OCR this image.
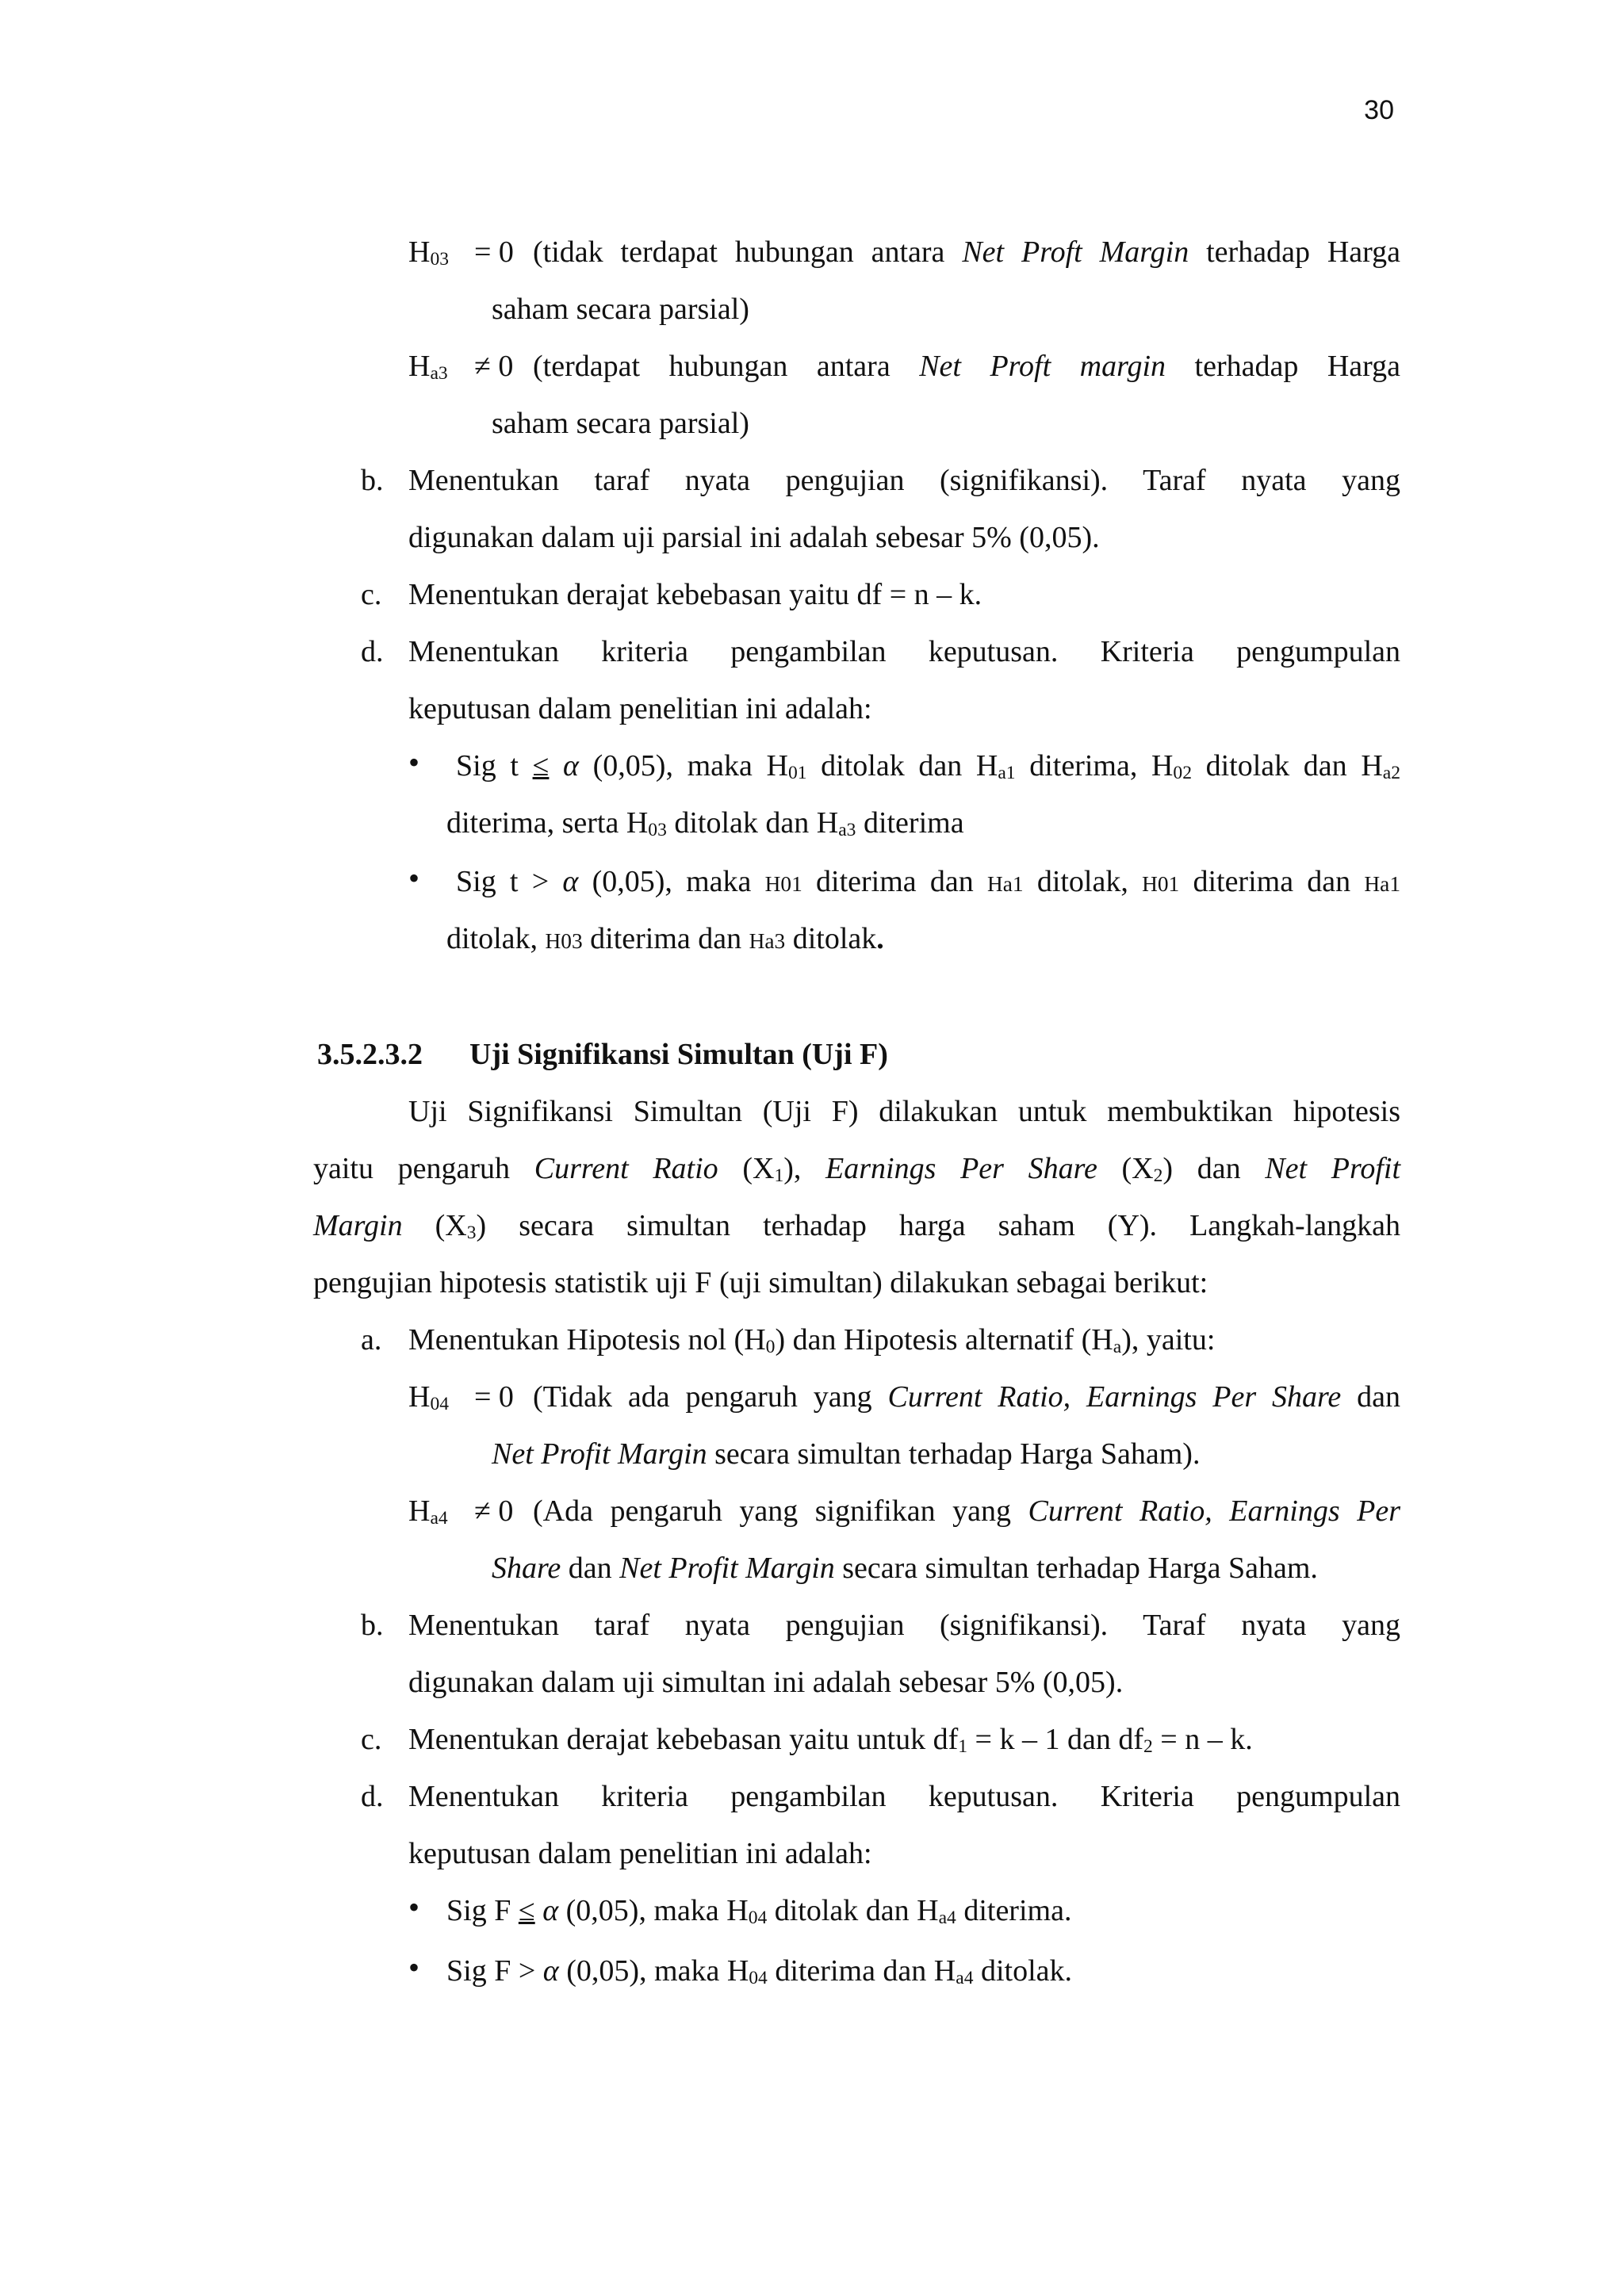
30
$H_{03} = 0$ (tidak terdapat hubungan antara Net Proft Margin terhadap Harga
saham secara parsial)
$H_{a3} \ne 0$ (terdapat hubungan antara Net Proft margin terhadap Harga
saham secara parsial)
b. Menentukan taraf nyata pengujian (signifikansi). Taraf nyata yang
digunakan dalam uji parsial ini adalah sebesar 5% (0,05).
c. Menentukan derajat kebebasan yaitu df = n – k.
d. Menentukan kriteria pengambilan keputusan. Kriteria pengumpulan
keputusan dalam penelitian ini adalah:
• Sig t ≤ α (0,05), maka $H_{01}$ ditolak dan $H_{a1}$ diterima, $H_{02}$ ditolak dan $H_{a2}$
diterima, serta $H_{03}$ ditolak dan $H_{a3}$ diterima
• Sig t > α (0,05), maka H01 diterima dan Ha1 ditolak, H01 diterima dan Ha1
ditolak, H03 diterima dan Ha3 ditolak.
3.5.2.3.2 Uji Signifikansi Simultan (Uji F)
Uji Signifikansi Simultan (Uji F) dilakukan untuk membuktikan hipotesis
yaitu pengaruh Current Ratio $(X_1)$, Earnings Per Share $(X_2)$ dan Net Profit
Margin $(X_3)$ secara simultan terhadap harga saham (Y). Langkah-langkah
pengujian hipotesis statistik uji F (uji simultan) dilakukan sebagai berikut:
a. Menentukan Hipotesis nol $(H_0)$ dan Hipotesis alternatif $(H_a)$, yaitu:
$H_{04} = 0$ (Tidak ada pengaruh yang Current Ratio, Earnings Per Share dan
Net Profit Margin secara simultan terhadap Harga Saham).
$H_{a4} \ne 0$ (Ada pengaruh yang signifikan yang Current Ratio, Earnings Per
Share dan Net Profit Margin secara simultan terhadap Harga Saham.
b. Menentukan taraf nyata pengujian (signifikansi). Taraf nyata yang
digunakan dalam uji simultan ini adalah sebesar 5% (0,05).
c. Menentukan derajat kebebasan yaitu untuk $df_1 = k - 1$ dan $df_2 = n - k$.
d. Menentukan kriteria pengambilan keputusan. Kriteria pengumpulan
keputusan dalam penelitian ini adalah:
• Sig F ≤ α (0,05), maka $H_{04}$ ditolak dan $H_{a4}$ diterima.
• Sig F > α (0,05), maka $H_{04}$ diterima dan $H_{a4}$ ditolak.
